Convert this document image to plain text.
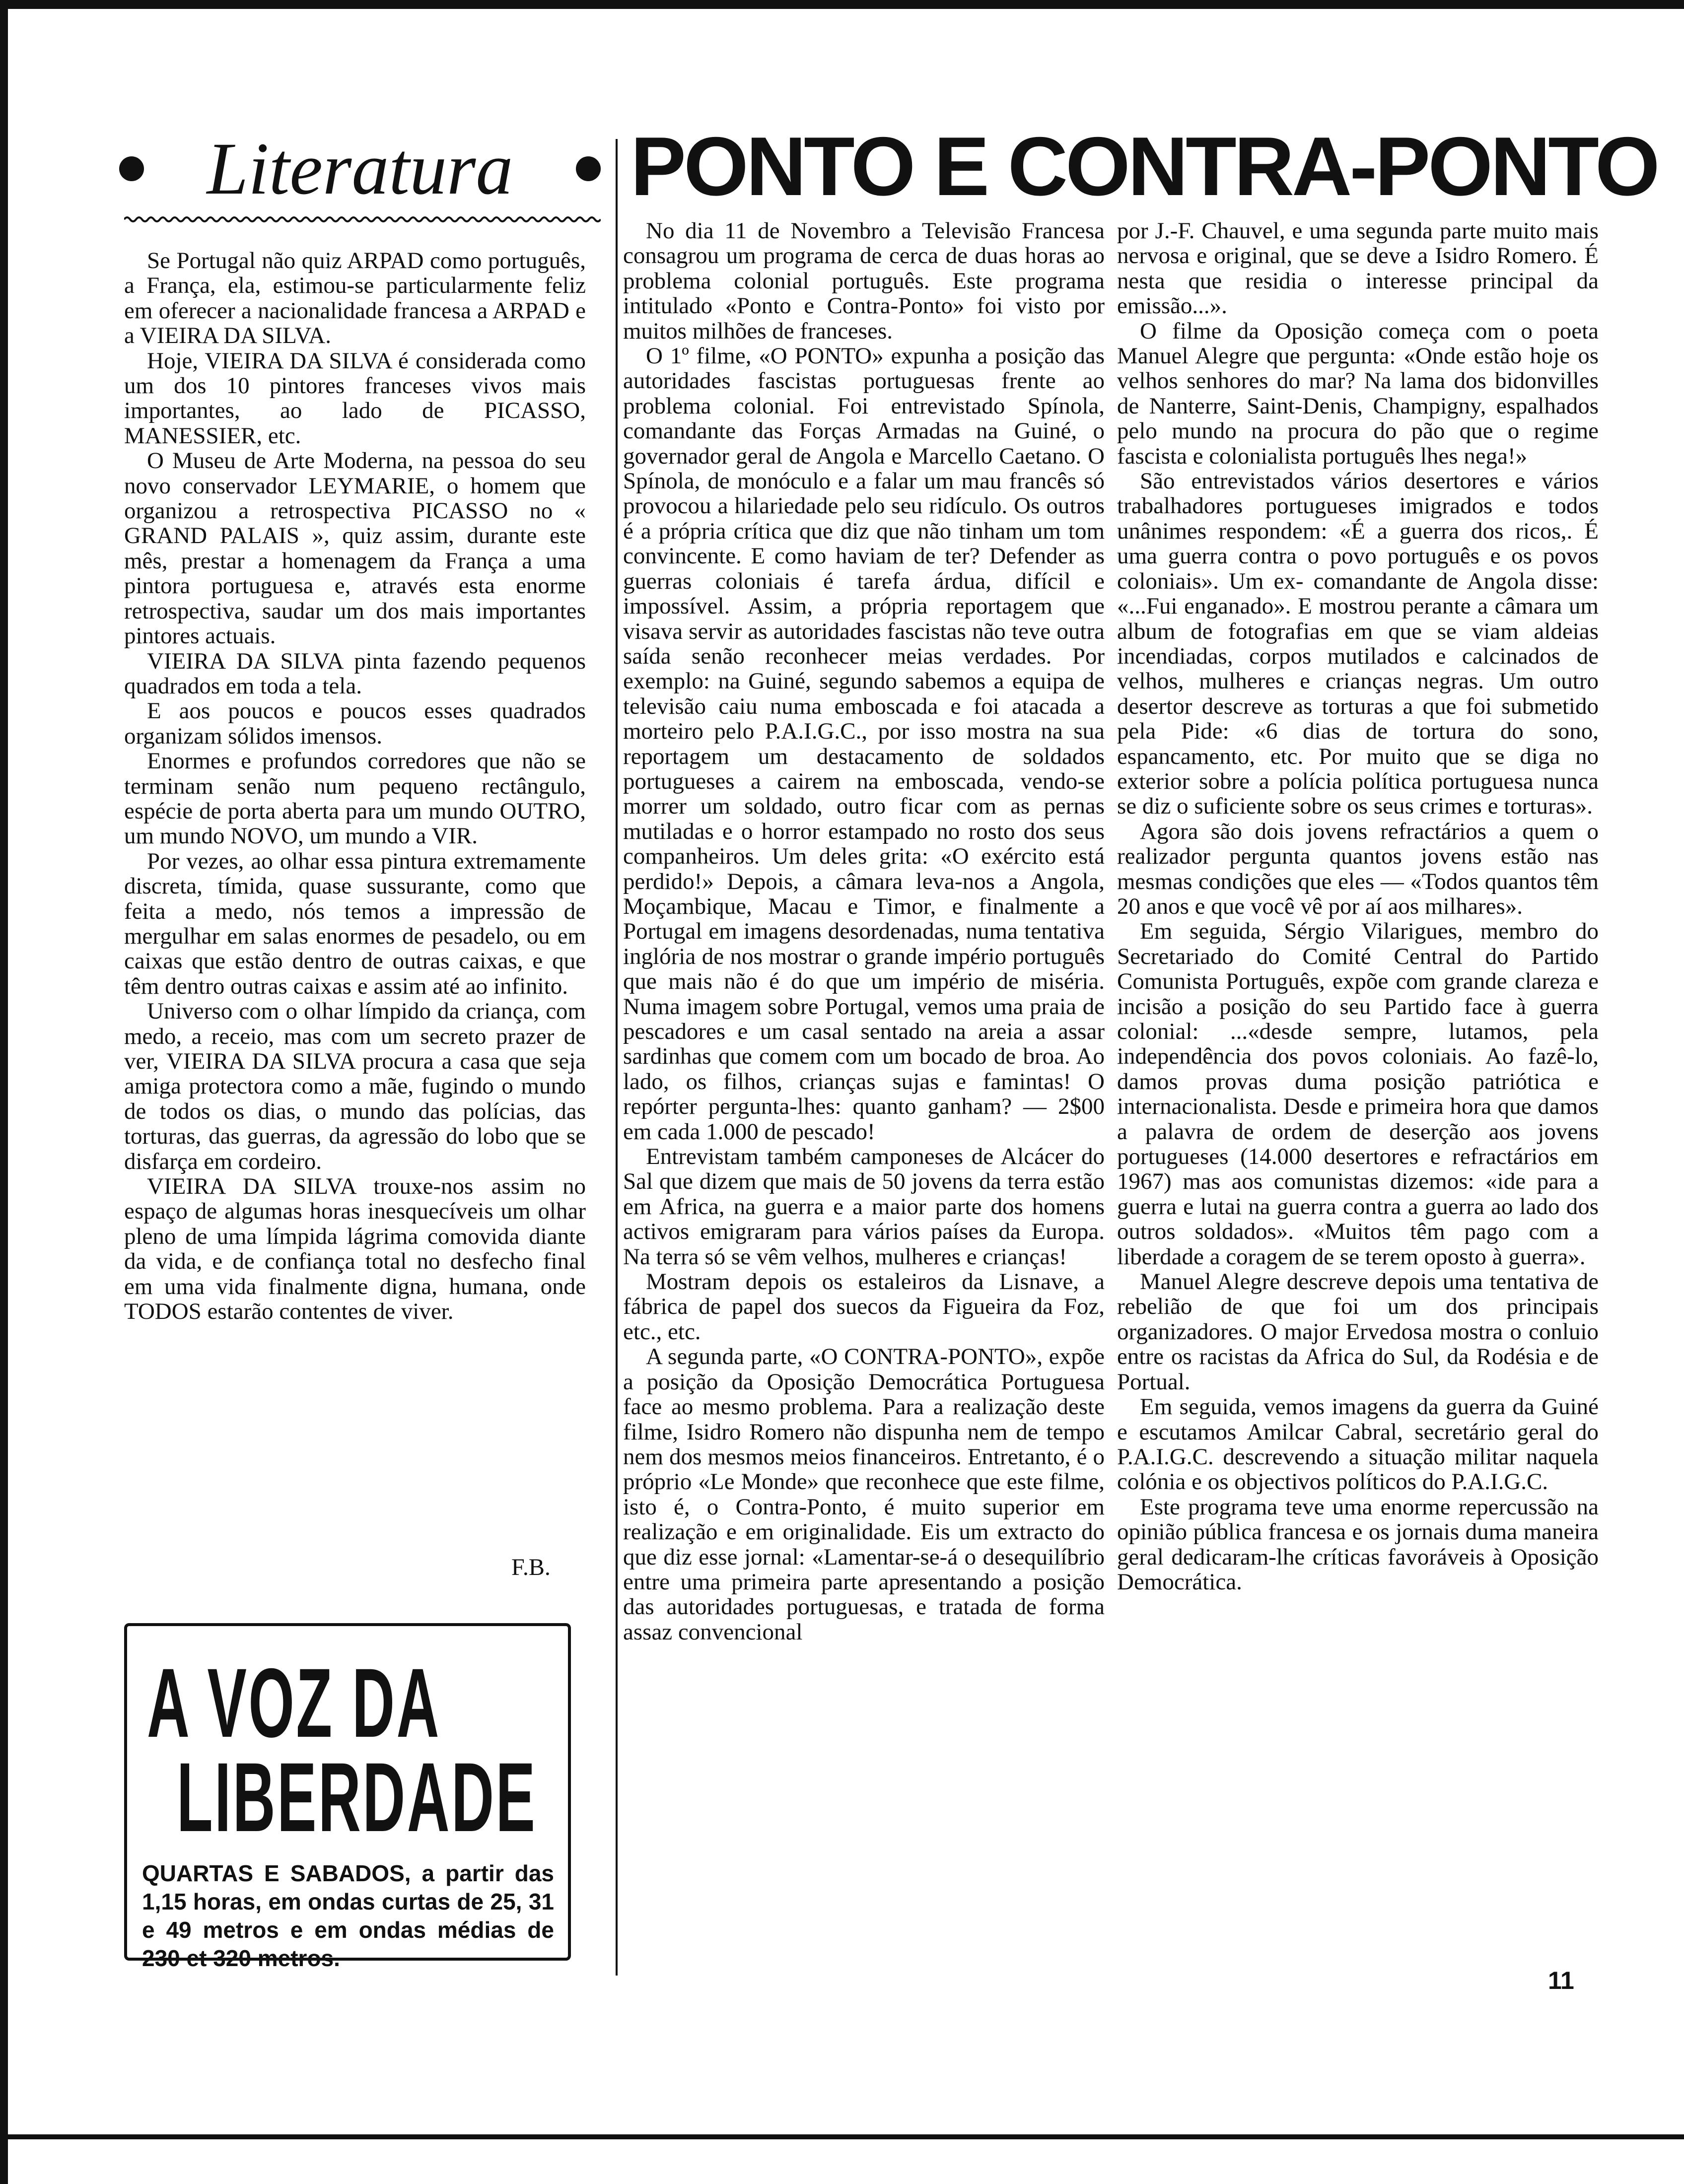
Literatura PONTO E CONTRA-PONTO

Se Portugal não quiz ARPAD como português, a França, ela, estimou-se particularmente feliz em oferecer a nacionalidade francesa a ARPAD e a VIEIRA DA SILVA.

Hoje, VIEIRA DA SILVA é considerada como um dos 10 pintores franceses vivos mais importantes, ao lado de PICASSO, MANESSIER, etc.

O Museu de Arte Moderna, na pessoa do seu novo conservador LEYMARIE, o homem que organizou a retrospectiva PICASSO no « GRAND PALAIS », quiz assim, durante este mês, prestar a homenagem da França a uma pintora portuguesa e, através esta enorme retrospectiva, saudar um dos mais importantes pintores actuais.

VIEIRA DA SILVA pinta fazendo pequenos quadrados em toda a tela.

E aos poucos e poucos esses quadrados organizam sólidos imensos.

Enormes e profundos corredores que não se terminam senão num pequeno rectângulo, espécie de porta aberta para um mundo OUTRO, um mundo NOVO, um mundo a VIR.

Por vezes, ao olhar essa pintura extremamente discreta, tímida, quase sussurante, como que feita a medo, nós temos a impressão de mergulhar em salas enormes de pesadelo, ou em caixas que estão dentro de outras caixas, e que têm dentro outras caixas e assim até ao infinito.

Universo com o olhar límpido da criança, com medo, a receio, mas com um secreto prazer de ver, VIEIRA DA SILVA procura a casa que seja amiga protectora como a mãe, fugindo o mundo de todos os dias, o mundo das polícias, das torturas, das guerras, da agressão do lobo que se disfarça em cordeiro.

VIEIRA DA SILVA trouxe-nos assim no espaço de algumas horas inesquecíveis um olhar pleno de uma límpida lágrima comovida diante da vida, e de confiança total no desfecho final em uma vida finalmente digna, humana, onde TODOS estarão contentes de viver.

F.B.
A VOZ DA
LIBERDADE
QUARTAS E SABADOS, a partir das 1,15 horas, em ondas curtas de 25, 31 e 49 metros e em ondas médias de 230 et 320 metros.

No dia 11 de Novembro a Televisão Francesa consagrou um programa de cerca de duas horas ao problema colonial português. Este programa intitulado «Ponto e Contra-Ponto» foi visto por muitos milhões de franceses.

O 1º filme, «O PONTO» expunha a posição das autoridades fascistas portuguesas frente ao problema colonial. Foi entrevistado Spínola, comandante das Forças Armadas na Guiné, o governador geral de Angola e Marcello Caetano. O Spínola, de monóculo e a falar um mau francês só provocou a hilariedade pelo seu ridículo. Os outros é a própria crítica que diz que não tinham um tom convincente. E como haviam de ter? Defender as guerras coloniais é tarefa árdua, difícil e impossível. Assim, a própria reportagem que visava servir as autoridades fascistas não teve outra saída senão reconhecer meias verdades. Por exemplo: na Guiné, segundo sabemos a equipa de televisão caiu numa emboscada e foi atacada a morteiro pelo P.A.I.G.C., por isso mostra na sua reportagem um destacamento de soldados portugueses a cairem na emboscada, vendo-se morrer um soldado, outro ficar com as pernas mutiladas e o horror estampado no rosto dos seus companheiros. Um deles grita: «O exército está perdido!» Depois, a câmara leva-nos a Angola, Moçambique, Macau e Timor, e finalmente a Portugal em imagens desordenadas, numa tentativa inglória de nos mostrar o grande império português que mais não é do que um império de miséria. Numa imagem sobre Portugal, vemos uma praia de pescadores e um casal sentado na areia a assar sardinhas que comem com um bocado de broa. Ao lado, os filhos, crianças sujas e famintas! O repórter pergunta-lhes: quanto ganham? — 2$00 em cada 1.000 de pescado!

Entrevistam também camponeses de Alcácer do Sal que dizem que mais de 50 jovens da terra estão em Africa, na guerra e a maior parte dos homens activos emigraram para vários países da Europa. Na terra só se vêm velhos, mulheres e crianças!

Mostram depois os estaleiros da Lisnave, a fábrica de papel dos suecos da Figueira da Foz, etc., etc.

A segunda parte, «O CONTRA-PONTO», expõe a posição da Oposição Democrática Portuguesa face ao mesmo problema. Para a realização deste filme, Isidro Romero não dispunha nem de tempo nem dos mesmos meios financeiros. Entretanto, é o próprio «Le Monde» que reconhece que este filme, isto é, o Contra-Ponto, é muito superior em realização e em originalidade. Eis um extracto do que diz esse jornal: «Lamentar-se-á o desequilíbrio entre uma primeira parte apresentando a posição das autoridades portuguesas, e tratada de forma assaz convencional

por J.-F. Chauvel, e uma segunda parte muito mais nervosa e original, que se deve a Isidro Romero. É nesta que residia o interesse principal da emissão...».

O filme da Oposição começa com o poeta Manuel Alegre que pergunta: «Onde estão hoje os velhos senhores do mar? Na lama dos bidonvilles de Nanterre, Saint-Denis, Champigny, espalhados pelo mundo na procura do pão que o regime fascista e colonialista português lhes nega!»

São entrevistados vários desertores e vários trabalhadores portugueses imigrados e todos unânimes respondem: «É a guerra dos ricos,. É uma guerra contra o povo português e os povos coloniais». Um ex- comandante de Angola disse: «...Fui enganado». E mostrou perante a câmara um album de fotografias em que se viam aldeias incendiadas, corpos mutilados e calcinados de velhos, mulheres e crianças negras. Um outro desertor descreve as torturas a que foi submetido pela Pide: «6 dias de tortura do sono, espancamento, etc. Por muito que se diga no exterior sobre a polícia política portuguesa nunca se diz o suficiente sobre os seus crimes e torturas».

Agora são dois jovens refractários a quem o realizador pergunta quantos jovens estão nas mesmas condições que eles — «Todos quantos têm 20 anos e que você vê por aí aos milhares».

Em seguida, Sérgio Vilarigues, membro do Secretariado do Comité Central do Partido Comunista Português, expõe com grande clareza e incisão a posição do seu Partido face à guerra colonial: ...«desde sempre, lutamos, pela independência dos povos coloniais. Ao fazê-lo, damos provas duma posição patriótica e internacionalista. Desde e primeira hora que damos a palavra de ordem de deserção aos jovens portugueses (14.000 desertores e refractários em 1967) mas aos comunistas dizemos: «ide para a guerra e lutai na guerra contra a guerra ao lado dos outros soldados». «Muitos têm pago com a liberdade a coragem de se terem oposto à guerra».

Manuel Alegre descreve depois uma tentativa de rebelião de que foi um dos principais organizadores. O major Ervedosa mostra o conluio entre os racistas da Africa do Sul, da Rodésia e de Portual.

Em seguida, vemos imagens da guerra da Guiné e escutamos Amilcar Cabral, secretário geral do P.A.I.G.C. descrevendo a situação militar naquela colónia e os objectivos políticos do P.A.I.G.C.

Este programa teve uma enorme repercussão na opinião pública francesa e os jornais duma maneira geral dedicaram-lhe críticas favoráveis à Oposição Democrática.

11
